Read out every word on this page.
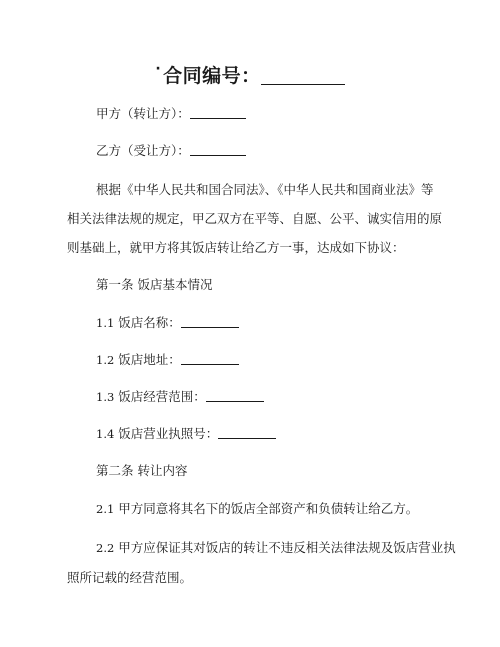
· 合同编号：
甲方（转让方）：
乙方（受让方）：
根据《中华人民共和国合同法》、《中华人民共和国商业法》等
相关法律法规的规定，甲乙双方在平等、自愿、公平、诚实信用的原
则基础上，就甲方将其饭店转让给乙方一事，达成如下协议：
第一条 饭店基本情况
1.1 饭店名称：
1.2 饭店地址：
1.3 饭店经营范围：
1.4 饭店营业执照号：
第二条 转让内容
2.1 甲方同意将其名下的饭店全部资产和负债转让给乙方。
2.2 甲方应保证其对饭店的转让不违反相关法律法规及饭店营业执
照所记载的经营范围。
